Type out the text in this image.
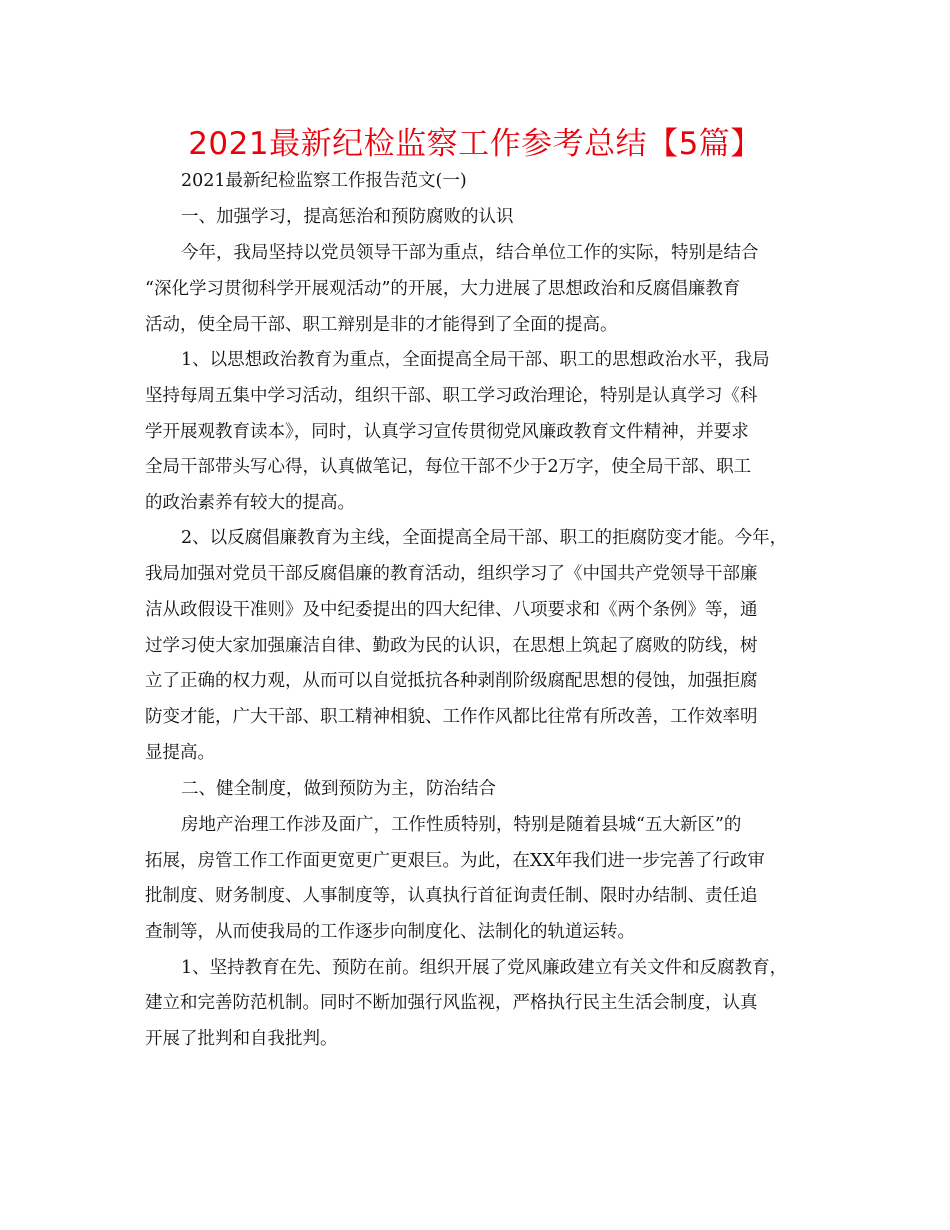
2021最新纪检监察工作参考总结【5篇】
2021最新纪检监察工作报告范文(一)
一、加强学习，提高惩治和预防腐败的认识
今年，我局坚持以党员领导干部为重点，结合单位工作的实际，特别是结合
“深化学习贯彻科学开展观活动”的开展，大力进展了思想政治和反腐倡廉教育
活动，使全局干部、职工辩别是非的才能得到了全面的提高。
1、以思想政治教育为重点，全面提高全局干部、职工的思想政治水平，我局
坚持每周五集中学习活动，组织干部、职工学习政治理论，特别是认真学习《科
学开展观教育读本》，同时，认真学习宣传贯彻党风廉政教育文件精神，并要求
全局干部带头写心得，认真做笔记，每位干部不少于2万字，使全局干部、职工
的政治素养有较大的提高。
2、以反腐倡廉教育为主线，全面提高全局干部、职工的拒腐防变才能。今年，
我局加强对党员干部反腐倡廉的教育活动，组织学习了《中国共产党领导干部廉
洁从政假设干准则》及中纪委提出的四大纪律、八项要求和《两个条例》等，通
过学习使大家加强廉洁自律、勤政为民的认识，在思想上筑起了腐败的防线，树
立了正确的权力观，从而可以自觉抵抗各种剥削阶级腐配思想的侵蚀，加强拒腐
防变才能，广大干部、职工精神相貌、工作作风都比往常有所改善，工作效率明
显提高。
二、健全制度，做到预防为主，防治结合
房地产治理工作涉及面广，工作性质特别，特别是随着县城“五大新区”的
拓展，房管工作工作面更宽更广更艰巨。为此，在XX年我们进一步完善了行政审
批制度、财务制度、人事制度等，认真执行首征询责任制、限时办结制、责任追
查制等，从而使我局的工作逐步向制度化、法制化的轨道运转。
1、坚持教育在先、预防在前。组织开展了党风廉政建立有关文件和反腐教育，
建立和完善防范机制。同时不断加强行风监视，严格执行民主生活会制度，认真
开展了批判和自我批判。
